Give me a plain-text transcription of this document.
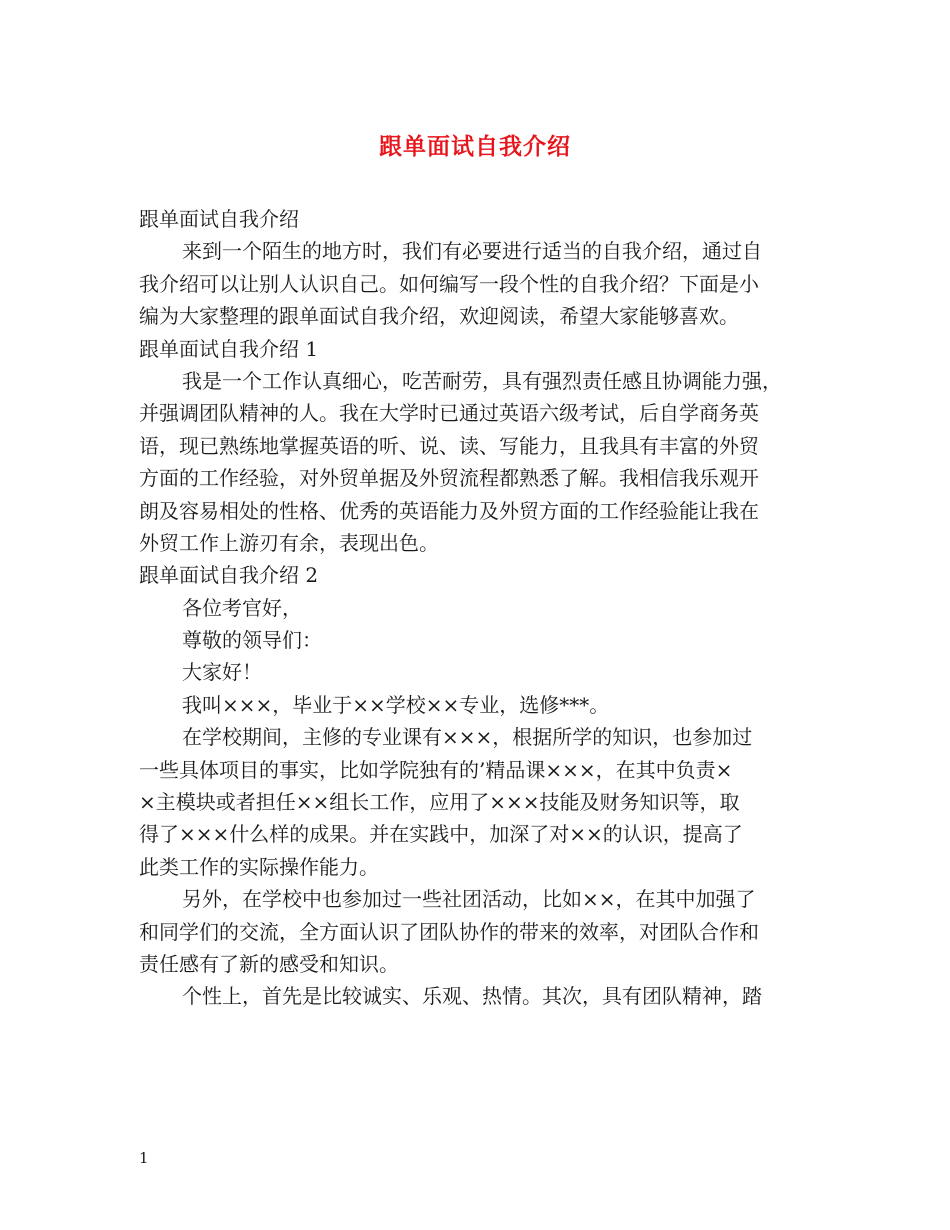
跟单面试自我介绍
跟单面试自我介绍
来到一个陌生的地方时，我们有必要进行适当的自我介绍，通过自
我介绍可以让别人认识自己。如何编写一段个性的自我介绍？下面是小
编为大家整理的跟单面试自我介绍，欢迎阅读，希望大家能够喜欢。
跟单面试自我介绍 1
我是一个工作认真细心，吃苦耐劳，具有强烈责任感且协调能力强，
并强调团队精神的人。我在大学时已通过英语六级考试，后自学商务英
语，现已熟练地掌握英语的听、说、读、写能力，且我具有丰富的外贸
方面的工作经验，对外贸单据及外贸流程都熟悉了解。我相信我乐观开
朗及容易相处的性格、优秀的英语能力及外贸方面的工作经验能让我在
外贸工作上游刃有余，表现出色。
跟单面试自我介绍 2
各位考官好，
尊敬的领导们：
大家好！
我叫×××，毕业于××学校××专业，选修***。
在学校期间，主修的专业课有×××，根据所学的知识，也参加过
一些具体项目的事实，比如学院独有的’精品课×××，在其中负责×
×主模块或者担任××组长工作，应用了×××技能及财务知识等，取
得了×××什么样的成果。并在实践中，加深了对××的认识，提高了
此类工作的实际操作能力。
另外，在学校中也参加过一些社团活动，比如××，在其中加强了
和同学们的交流，全方面认识了团队协作的带来的效率，对团队合作和
责任感有了新的感受和知识。
个性上，首先是比较诚实、乐观、热情。其次，具有团队精神，踏
1
